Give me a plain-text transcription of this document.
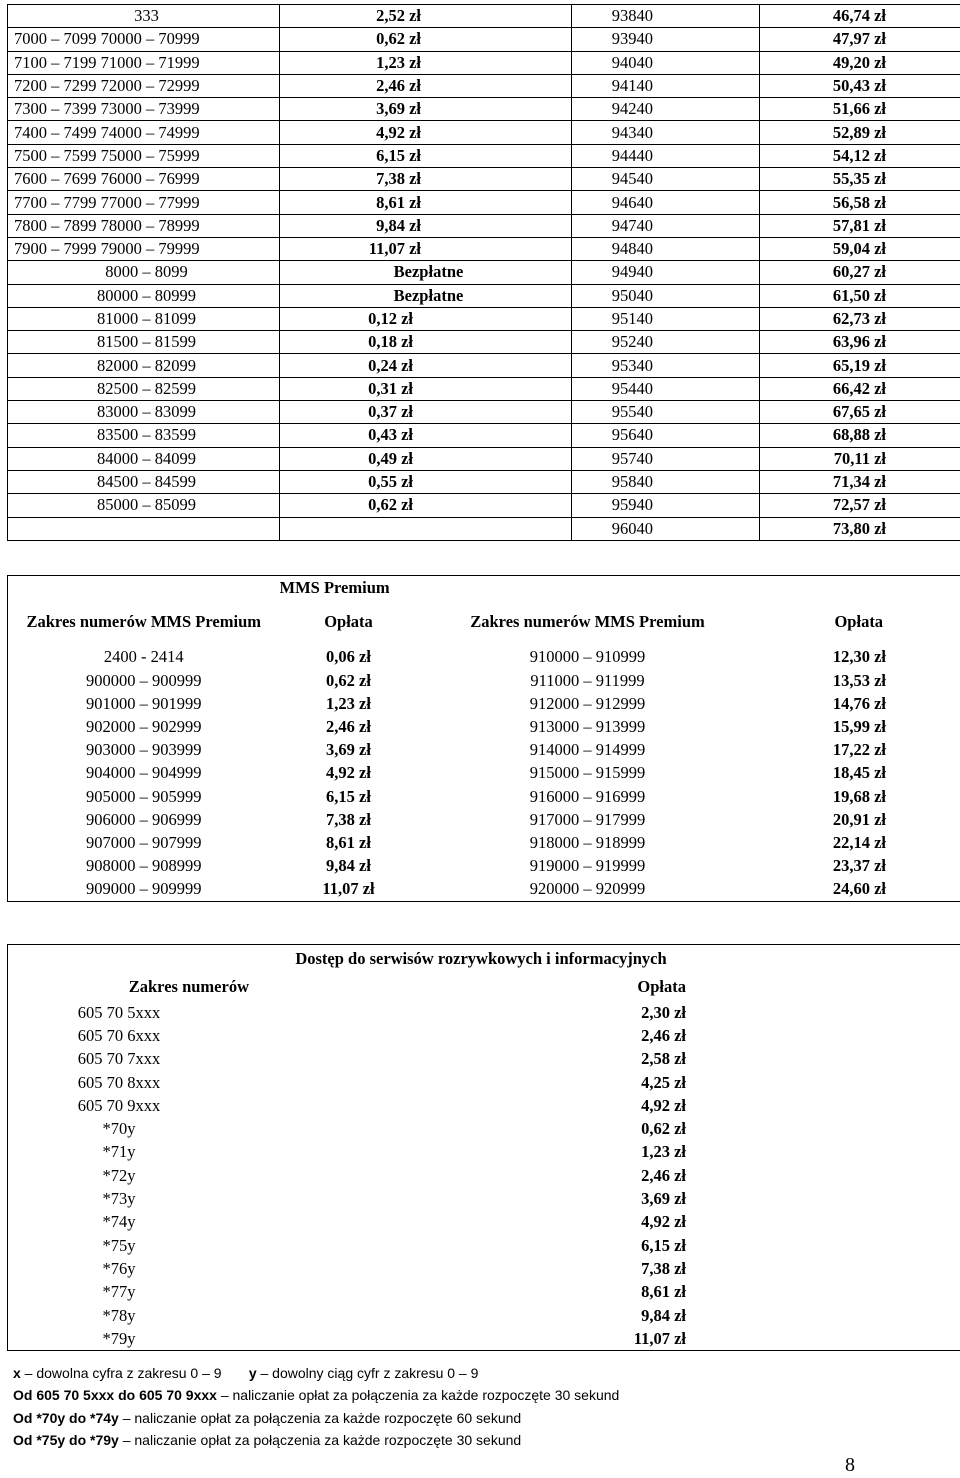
333	2,52 zł	93840	46,74 zł
7000 – 7099 70000 – 70999	0,62 zł	93940	47,97 zł
7100 – 7199 71000 – 71999	1,23 zł	94040	49,20 zł
7200 – 7299 72000 – 72999	2,46 zł	94140	50,43 zł
7300 – 7399 73000 – 73999	3,69 zł	94240	51,66 zł
7400 – 7499 74000 – 74999	4,92 zł	94340	52,89 zł
7500 – 7599 75000 – 75999	6,15 zł	94440	54,12 zł
7600 – 7699 76000 – 76999	7,38 zł	94540	55,35 zł
7700 – 7799 77000 – 77999	8,61 zł	94640	56,58 zł
7800 – 7899 78000 – 78999	9,84 zł	94740	57,81 zł
7900 – 7999 79000 – 79999	11,07 zł	94840	59,04 zł
8000 – 8099	Bezpłatne	94940	60,27 zł
80000 – 80999	Bezpłatne	95040	61,50 zł
81000 – 81099	0,12 zł	95140	62,73 zł
81500 – 81599	0,18 zł	95240	63,96 zł
82000 – 82099	0,24 zł	95340	65,19 zł
82500 – 82599	0,31 zł	95440	66,42 zł
83000 – 83099	0,37 zł	95540	67,65 zł
83500 – 83599	0,43 zł	95640	68,88 zł
84000 – 84099	0,49 zł	95740	70,11 zł
84500 – 84599	0,55 zł	95840	71,34 zł
85000 – 85099	0,62 zł	95940	72,57 zł
		96040	73,80 zł
	MMS Premium		
Zakres numerów MMS Premium	Opłata	Zakres numerów MMS Premium	Opłata
2400 - 2414	0,06 zł	910000 – 910999	12,30 zł
900000 – 900999	0,62 zł	911000 – 911999	13,53 zł
901000 – 901999	1,23 zł	912000 – 912999	14,76 zł
902000 – 902999	2,46 zł	913000 – 913999	15,99 zł
903000 – 903999	3,69 zł	914000 – 914999	17,22 zł
904000 – 904999	4,92 zł	915000 – 915999	18,45 zł
905000 – 905999	6,15 zł	916000 – 916999	19,68 zł
906000 – 906999	7,38 zł	917000 – 917999	20,91 zł
907000 – 907999	8,61 zł	918000 – 918999	22,14 zł
908000 – 908999	9,84 zł	919000 – 919999	23,37 zł
909000 – 909999	11,07 zł	920000 – 920999	24,60 zł
Dostęp do serwisów rozrywkowych i informacyjnych
Zakres numerów	Opłata
605 70 5xxx	2,30 zł
605 70 6xxx	2,46 zł
605 70 7xxx	2,58 zł
605 70 8xxx	4,25 zł
605 70 9xxx	4,92 zł
*70y	0,62 zł
*71y	1,23 zł
*72y	2,46 zł
*73y	3,69 zł
*74y	4,92 zł
*75y	6,15 zł
*76y	7,38 zł
*77y	8,61 zł
*78y	9,84 zł
*79y	11,07 zł
x – dowolna cyfra z zakresu 0 – 9 y – dowolny ciąg cyfr z zakresu 0 – 9
Od 605 70 5xxx do 605 70 9xxx – naliczanie opłat za połączenia za każde rozpoczęte 30 sekund
Od *70y do *74y – naliczanie opłat za połączenia za każde rozpoczęte 60 sekund
Od *75y do *79y – naliczanie opłat za połączenia za każde rozpoczęte 30 sekund
8
